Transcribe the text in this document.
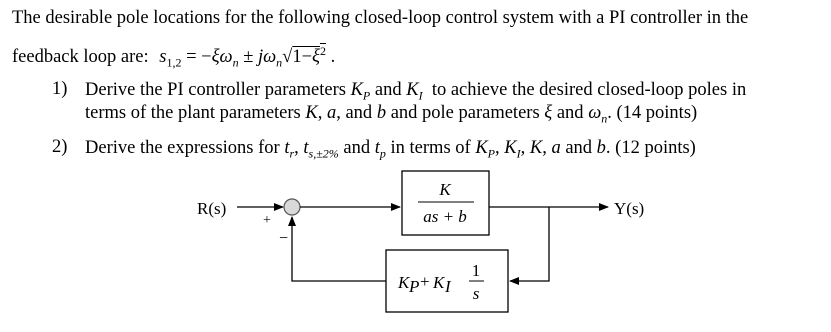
The desirable pole locations for the following closed-loop control system with a PI controller in the
feedback loop are: $s_{1,2} = -\xi\omega_n \pm j\omega_n√1-\xi^2$ .
1) Derive the PI controller parameters $K_P$ and $K_I$  to achieve the desired closed-loop poles in
terms of the plant parameters K, a, and b and pole parameters ξ and $\omega_n$. (14 points)
2) Derive the expressions for $t_r$, $t_{s,\pm 2\%}$ and $t_p$ in terms of $K_P$, $K_I$, K, a and b. (12 points)
R(s)
+
−
K
as + b	Y(s)
K P + K I
1
s
